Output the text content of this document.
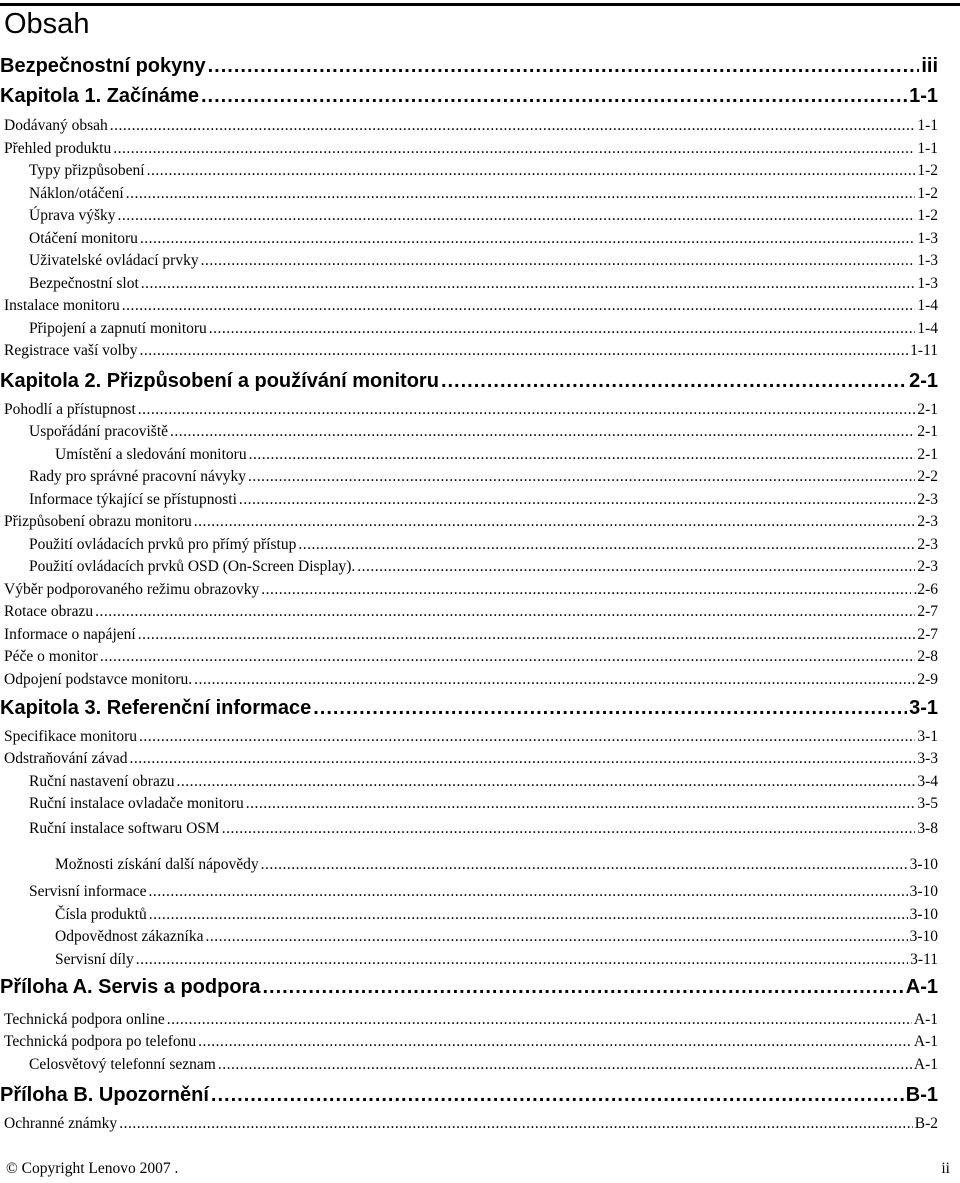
Obsah
Bezpečnostní pokyny .....	iii
Kapitola 1. Začínáme .....	1-1
Dodávaný obsah .....	1-1
Přehled produktu .....	1-1
Typy přizpůsobení .....	1-2
Náklon/otáčení .....	1-2
Úprava výšky .....	1-2
Otáčení monitoru .....	1-3
Uživatelské ovládací prvky .....	1-3
Bezpečnostní slot .....	1-3
Instalace monitoru .....	1-4
Připojení a zapnutí monitoru .....	1-4
Registrace vaší volby .....	1-11
Kapitola 2. Přizpůsobení a používání monitoru .....	2-1
Pohodlí a přístupnost .....	2-1
Uspořádání pracoviště .....	2-1
Umístění a sledování monitoru .....	2-1
Rady pro správné pracovní návyky .....	2-2
Informace týkající se přístupnosti .....	2-3
Přizpůsobení obrazu monitoru .....	2-3
Použití ovládacích prvků pro přímý přístup .....	2-3
Použití ovládacích prvků OSD (On-Screen Display). .....	2-3
Výběr podporovaného režimu obrazovky .....	.2-6
Rotace obrazu .....	2-7
Informace o napájení .....	2-7
Péče o monitor .....	2-8
Odpojení podstavce monitoru. .....	2-9
Kapitola 3. Referenční informace .....	3-1
Specifikace monitoru .....	3-1
Odstraňování závad .....	3-3
Ruční nastavení obrazu .....	3-4
Ruční instalace ovladače monitoru .....	3-5
Ruční instalace softwaru OSM .....	3-8
Možnosti získání další nápovědy .....	3-10
Servisní informace .....	3-10
Čísla produktů .....	3-10
Odpovědnost zákazníka .....	3-10
Servisní díly .....	3-11
Příloha A. Servis a podpora .....	A-1
Technická podpora online .....	A-1
Technická podpora po telefonu .....	A-1
Celosvětový telefonní seznam .....	A-1
Příloha B. Upozornění .....	B-1
Ochranné známky .....	B-2
© Copyright Lenovo 2007 .	ii
